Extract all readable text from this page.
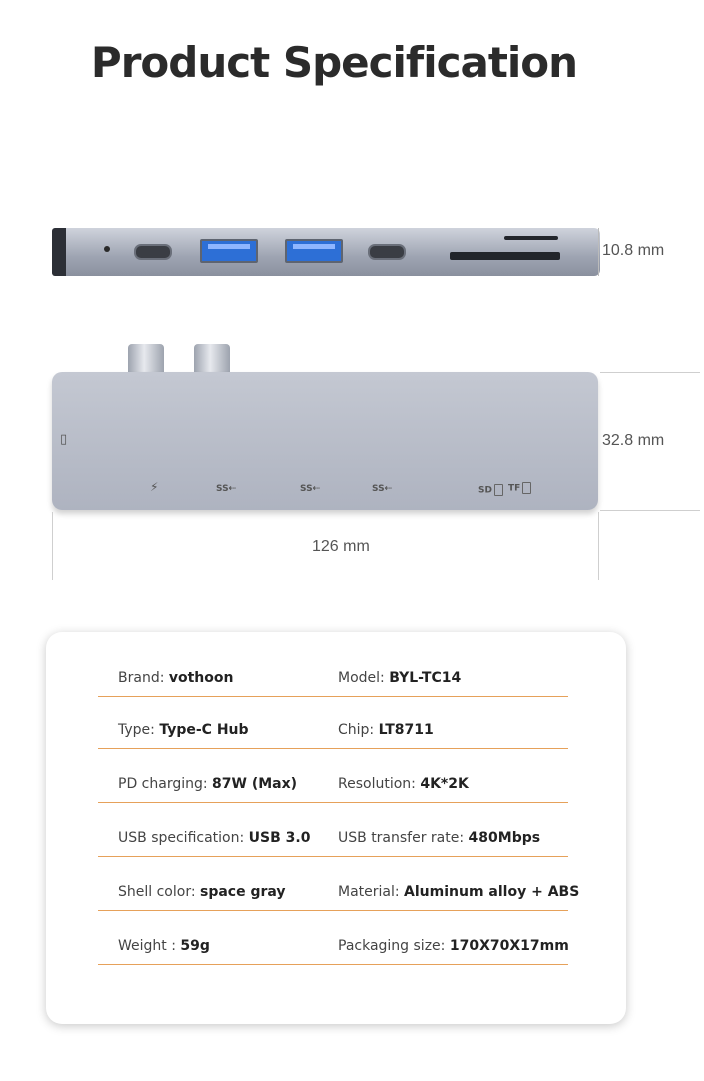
Product Specification
10.8 mm
▯
⚡	SS⇠	SS⇠	SS⇠	SD	TF
32.8 mm
126 mm
Brand: vothoon	Model: BYL-TC14
Type: Type-C Hub	Chip: LT8711
PD charging: 87W (Max)	Resolution: 4K*2K
USB specification: USB 3.0 USB transfer rate: 480Mbps
Shell color: space gray	Material: Aluminum alloy + ABS
Weight : 59g	Packaging size: 170X70X17mm
